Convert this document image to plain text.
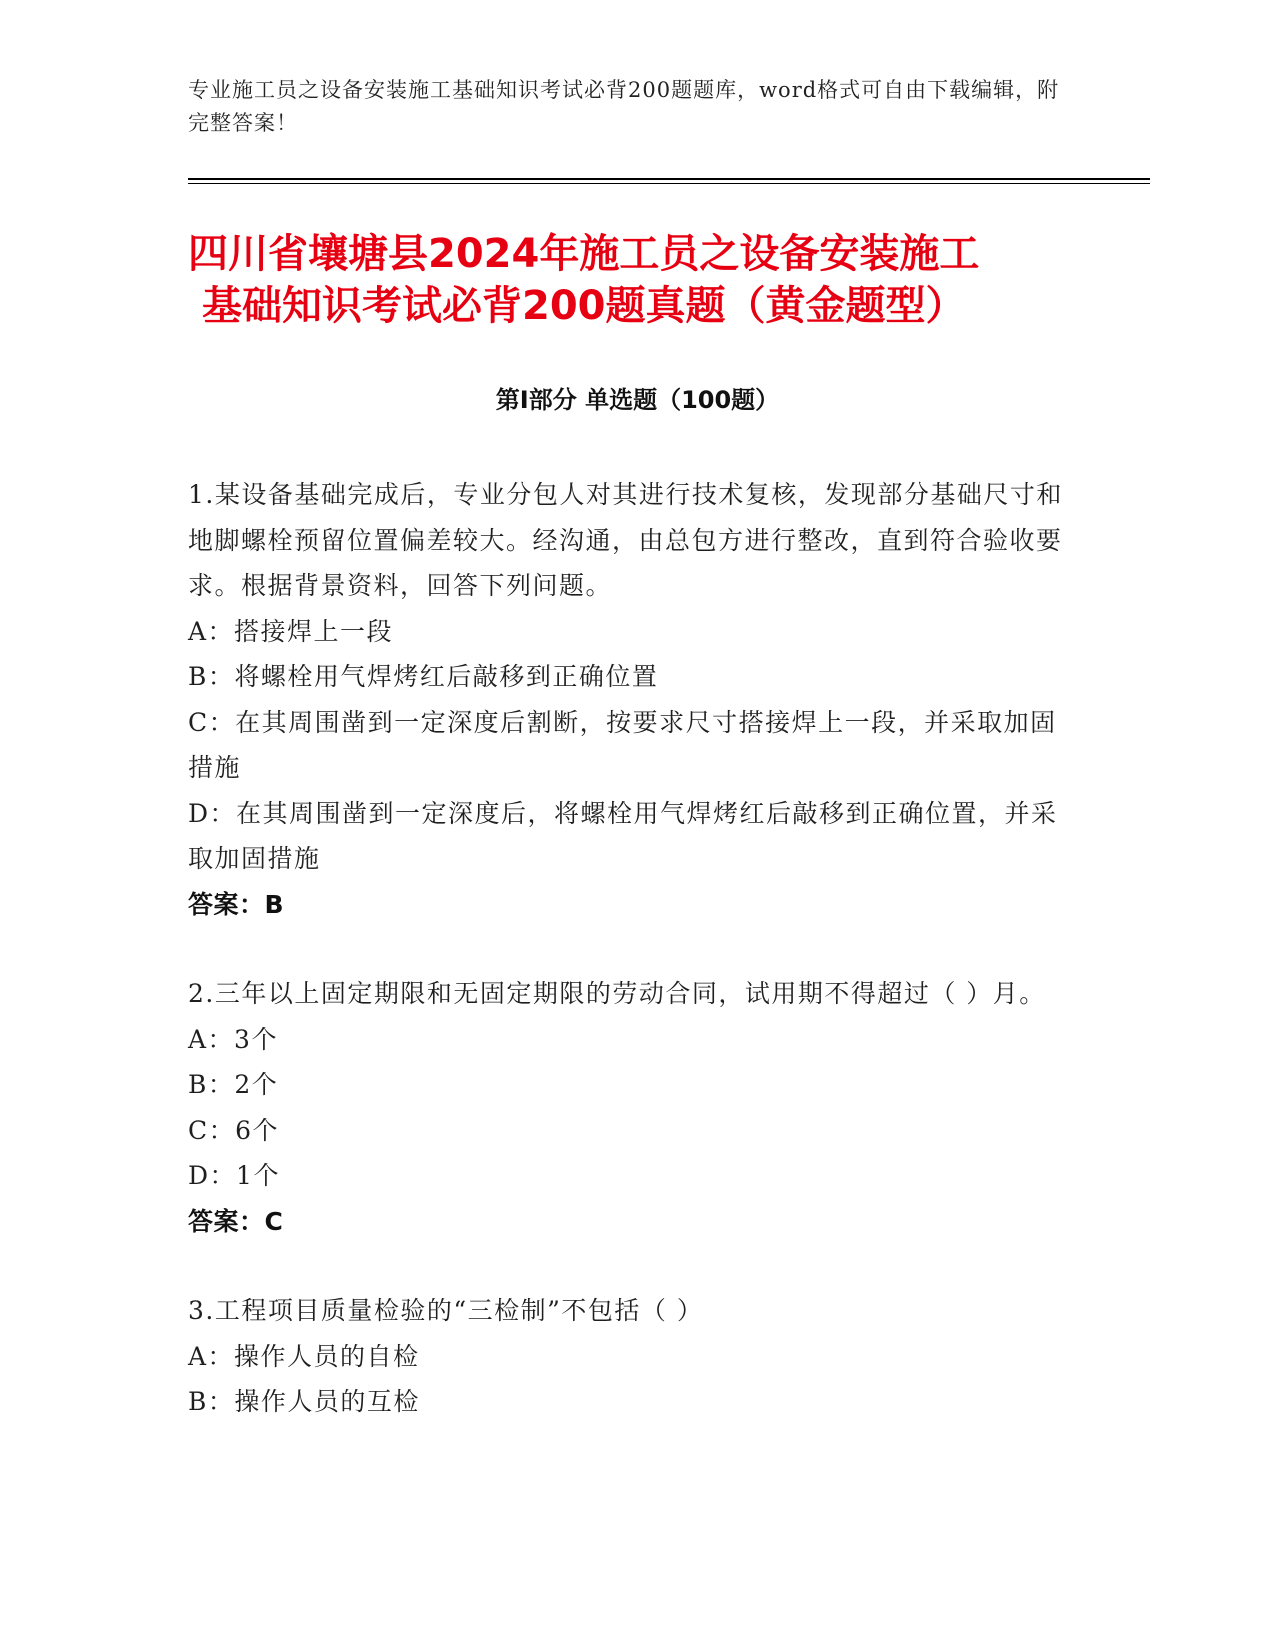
专业施工员之设备安装施工基础知识考试必背200题题库，word格式可自由下载编辑，附完整答案！
四川省壤塘县2024年施工员之设备安装施工
基础知识考试必背200题真题（黄金题型）
第Ⅰ部分 单选题（100题）
1.某设备基础完成后，专业分包人对其进行技术复核，发现部分基础尺寸和地脚螺栓预留位置偏差较大。经沟通，由总包方进行整改，直到符合验收要求。根据背景资料，回答下列问题。
A：搭接焊上一段
B：将螺栓用气焊烤红后敲移到正确位置
C：在其周围凿到一定深度后割断，按要求尺寸搭接焊上一段，并采取加固措施
D：在其周围凿到一定深度后，将螺栓用气焊烤红后敲移到正确位置，并采取加固措施
答案：B
2.三年以上固定期限和无固定期限的劳动合同，试用期不得超过（ ）月。
A：3个
B：2个
C：6个
D：1个
答案：C
3.工程项目质量检验的“三检制”不包括（ ）
A：操作人员的自检
B：操作人员的互检
